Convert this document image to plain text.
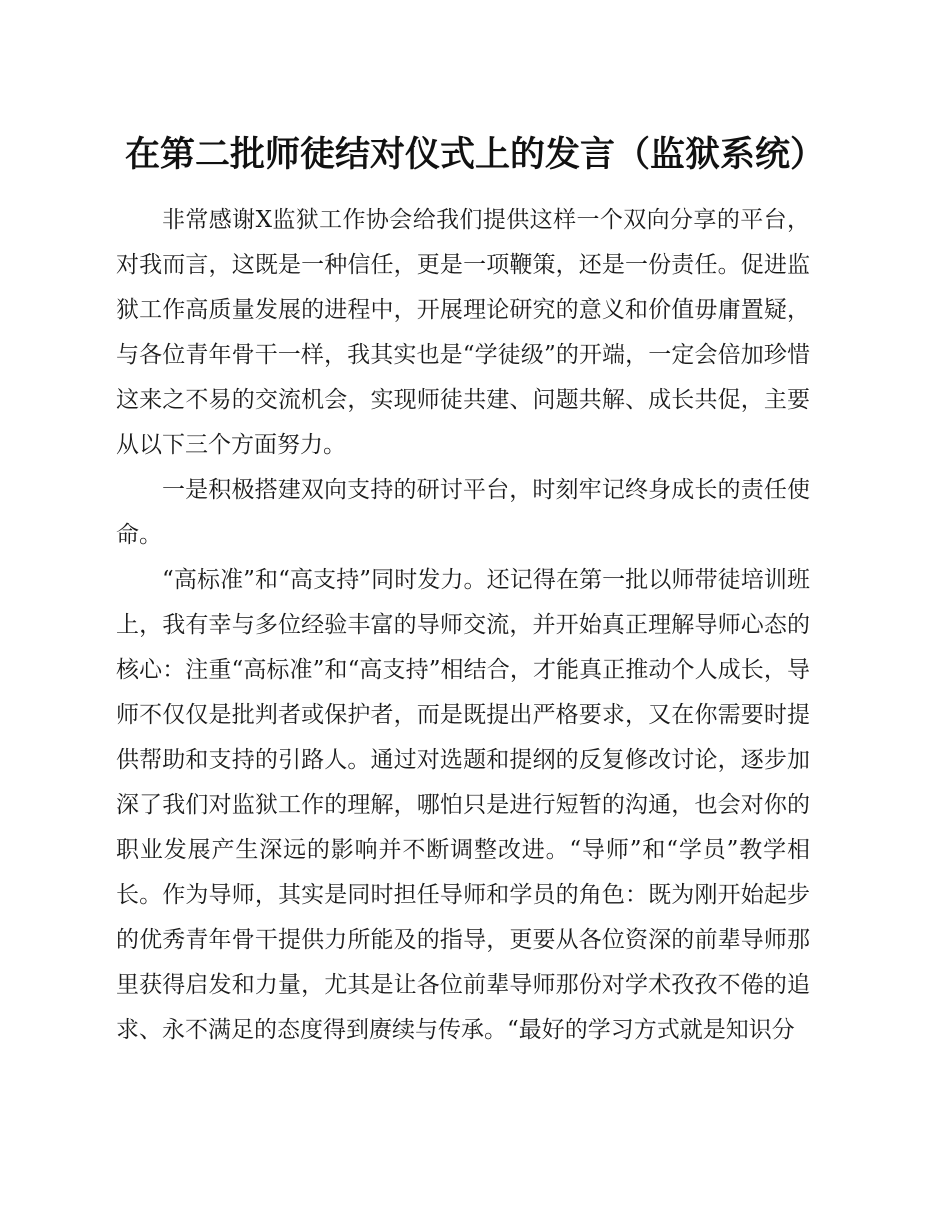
在第二批师徒结对仪式上的发言（监狱系统）

非常感谢X监狱工作协会给我们提供这样一个双向分享的平台，对我而言，这既是一种信任，更是一项鞭策，还是一份责任。促进监狱工作高质量发展的进程中，开展理论研究的意义和价值毋庸置疑，与各位青年骨干一样，我其实也是“学徒级”的开端，一定会倍加珍惜这来之不易的交流机会，实现师徒共建、问题共解、成长共促，主要从以下三个方面努力。

一是积极搭建双向支持的研讨平台，时刻牢记终身成长的责任使命。

“高标准”和“高支持”同时发力。还记得在第一批以师带徒培训班上，我有幸与多位经验丰富的导师交流，并开始真正理解导师心态的核心：注重“高标准”和“高支持”相结合，才能真正推动个人成长，导师不仅仅是批判者或保护者，而是既提出严格要求，又在你需要时提供帮助和支持的引路人。通过对选题和提纲的反复修改讨论，逐步加深了我们对监狱工作的理解，哪怕只是进行短暂的沟通，也会对你的职业发展产生深远的影响并不断调整改进。“导师”和“学员”教学相长。作为导师，其实是同时担任导师和学员的角色：既为刚开始起步的优秀青年骨干提供力所能及的指导，更要从各位资深的前辈导师那里获得启发和力量，尤其是让各位前辈导师那份对学术孜孜不倦的追求、永不满足的态度得到赓续与传承。“最好的学习方式就是知识分
